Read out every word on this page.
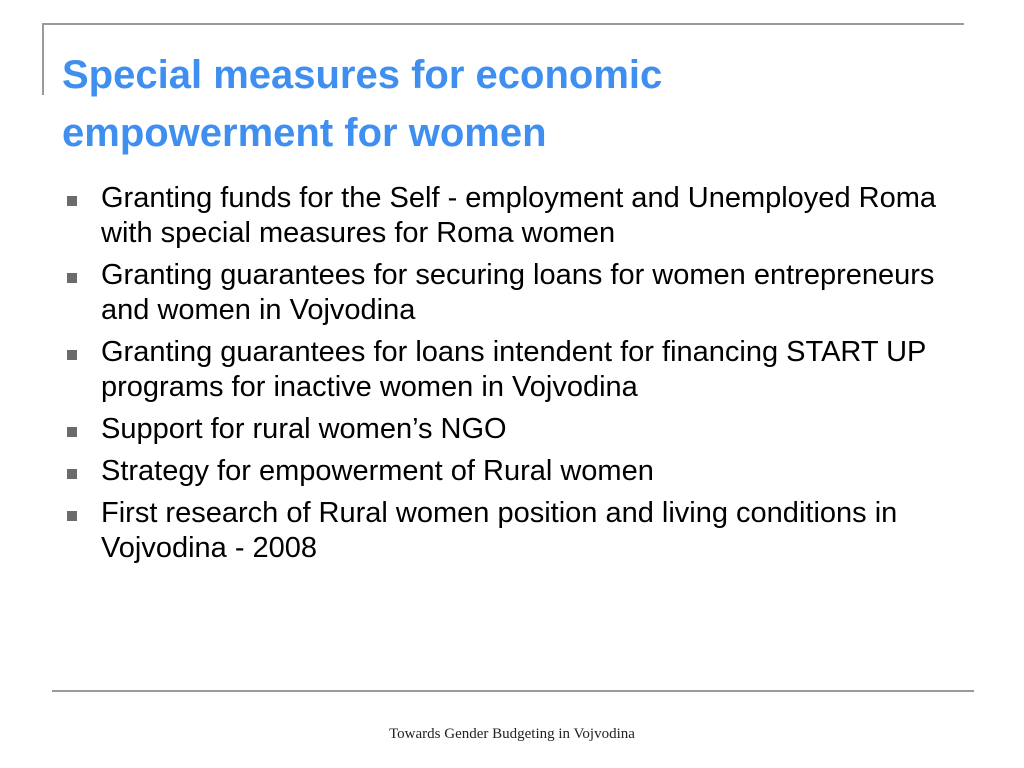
Special measures for economic
empowerment for women
Granting funds for the Self - employment and Unemployed Roma with special measures for Roma women
Granting guarantees for securing loans for women entrepreneurs and women in Vojvodina
Granting guarantees for loans intendent for financing START UP programs for inactive women in Vojvodina
Support for rural women’s NGO
Strategy for empowerment of Rural women
First research of Rural women position and living conditions in Vojvodina - 2008
Towards Gender Budgeting in Vojvodina
